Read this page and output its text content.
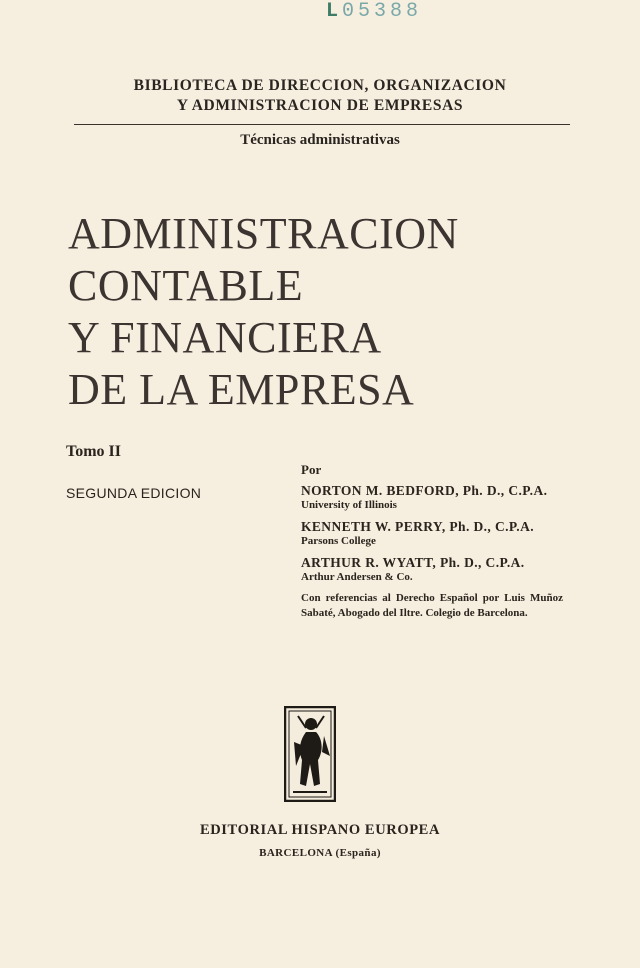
L05388
BIBLIOTECA DE DIRECCION, ORGANIZACION
Y ADMINISTRACION DE EMPRESAS
Técnicas administrativas
ADMINISTRACION
CONTABLE
Y FINANCIERA
DE LA EMPRESA
Tomo II
SEGUNDA EDICION
Por
NORTON M. BEDFORD, Ph. D., C.P.A.
University of Illinois
KENNETH W. PERRY, Ph. D., C.P.A.
Parsons College
ARTHUR R. WYATT, Ph. D., C.P.A.
Arthur Andersen & Co.
Con referencias al Derecho Español por Luis Muñoz Sabaté, Abogado del Iltre. Colegio de Barcelona.
EDITORIAL HISPANO EUROPEA
BARCELONA (España)
